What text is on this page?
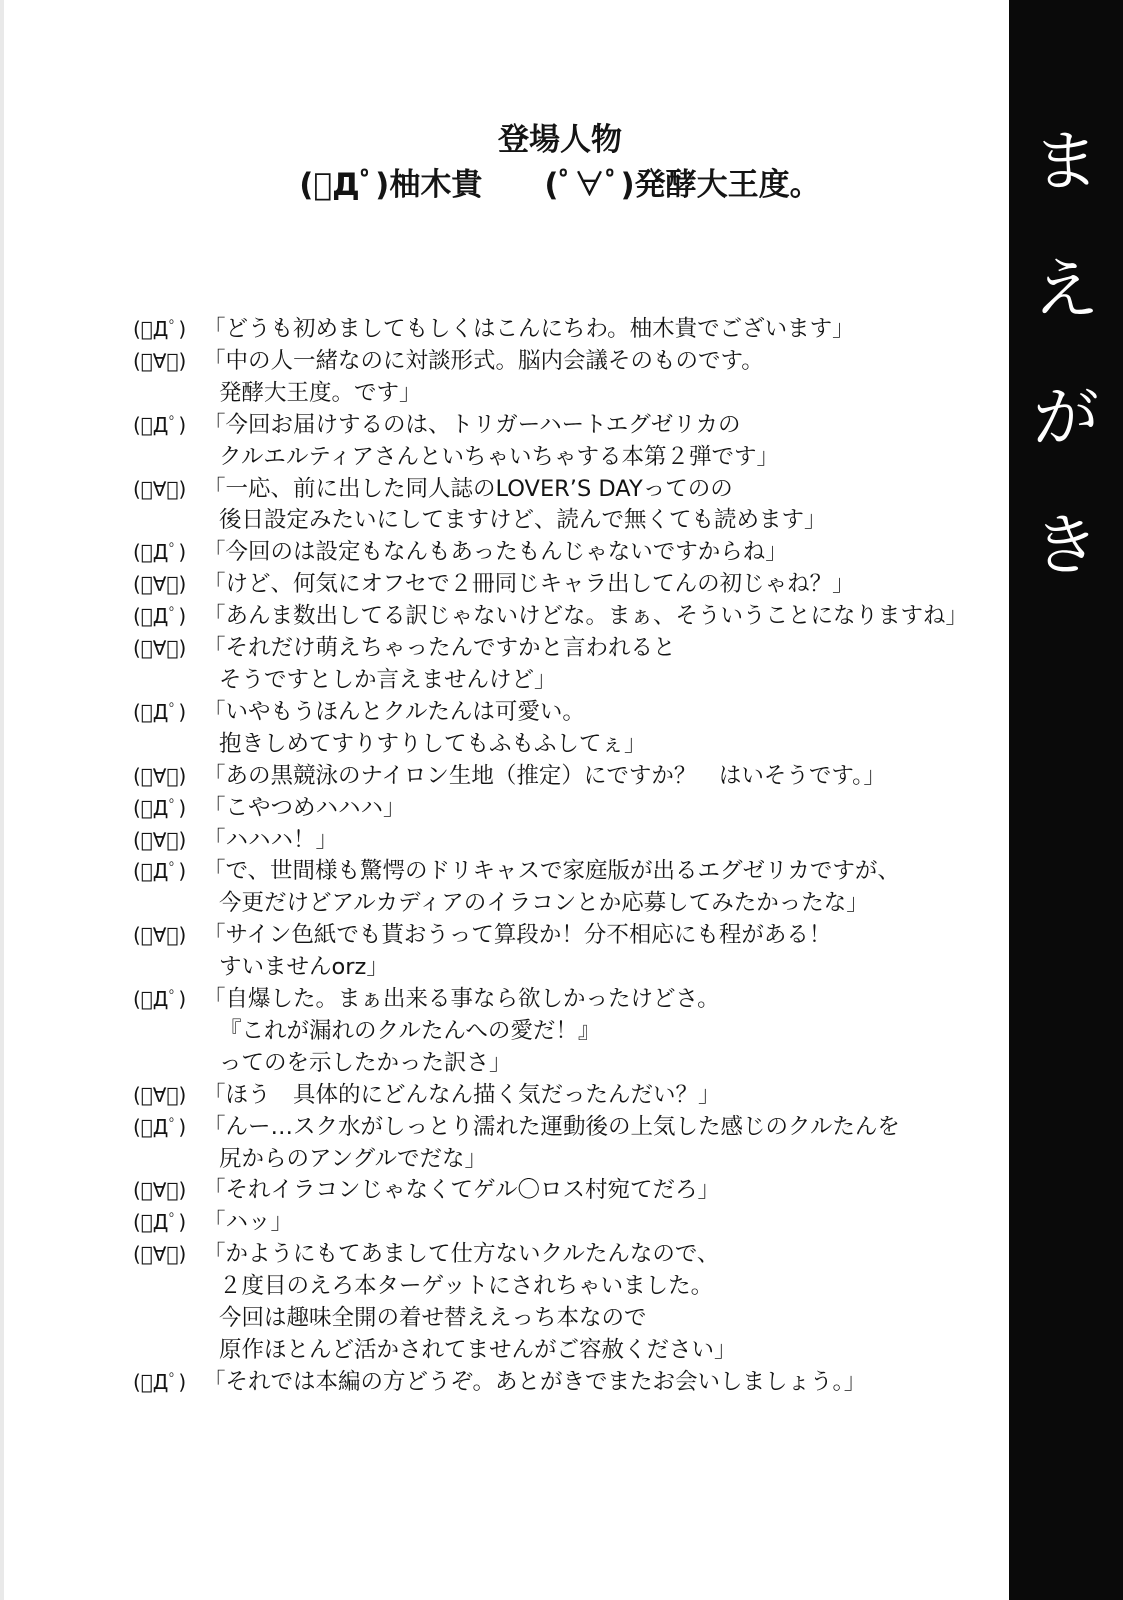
登場人物
(ﾟДﾟ)柚木貴　　(ﾟ∀ﾟ)発酵大王度。
(ﾟДﾟ) 「どうも初めましてもしくはこんにちわ。柚木貴でございます」
(ﾟ∀ﾟ) 「中の人一緒なのに対談形式。脳内会議そのものです。
発酵大王度。です」
(ﾟДﾟ) 「今回お届けするのは、トリガーハートエグゼリカの
クルエルティアさんといちゃいちゃする本第２弾です」
(ﾟ∀ﾟ) 「一応、前に出した同人誌のLOVER’S DAYってのの
後日設定みたいにしてますけど、読んで無くても読めます」
(ﾟДﾟ) 「今回のは設定もなんもあったもんじゃないですからね」
(ﾟ∀ﾟ) 「けど、何気にオフセで２冊同じキャラ出してんの初じゃね？」
(ﾟДﾟ) 「あんま数出してる訳じゃないけどな。まぁ、そういうことになりますね」
(ﾟ∀ﾟ) 「それだけ萌えちゃったんですかと言われると
そうですとしか言えませんけど」
(ﾟДﾟ) 「いやもうほんとクルたんは可愛い。
抱きしめてすりすりしてもふもふしてぇ」
(ﾟ∀ﾟ) 「あの黒競泳のナイロン生地（推定）にですか？　はいそうです。」
(ﾟДﾟ) 「こやつめハハハ」
(ﾟ∀ﾟ) 「ハハハ！」
(ﾟДﾟ) 「で、世間様も驚愕のドリキャスで家庭版が出るエグゼリカですが、
今更だけどアルカディアのイラコンとか応募してみたかったな」
(ﾟ∀ﾟ) 「サイン色紙でも貰おうって算段か！分不相応にも程がある！
すいませんorz」
(ﾟДﾟ) 「自爆した。まぁ出来る事なら欲しかったけどさ。
『これが漏れのクルたんへの愛だ！』
ってのを示したかった訳さ」
(ﾟ∀ﾟ) 「ほう　具体的にどんなん描く気だったんだい？」
(ﾟДﾟ) 「んー…スク水がしっとり濡れた運動後の上気した感じのクルたんを
尻からのアングルでだな」
(ﾟ∀ﾟ) 「それイラコンじゃなくてゲル〇ロス村宛てだろ」
(ﾟДﾟ) 「ハッ」
(ﾟ∀ﾟ) 「かようにもてあまして仕方ないクルたんなので、
２度目のえろ本ターゲットにされちゃいました。
今回は趣味全開の着せ替ええっち本なので
原作ほとんど活かされてませんがご容赦ください」
(ﾟДﾟ) 「それでは本編の方どうぞ。あとがきでまたお会いしましょう。」
ま
え
が
き
